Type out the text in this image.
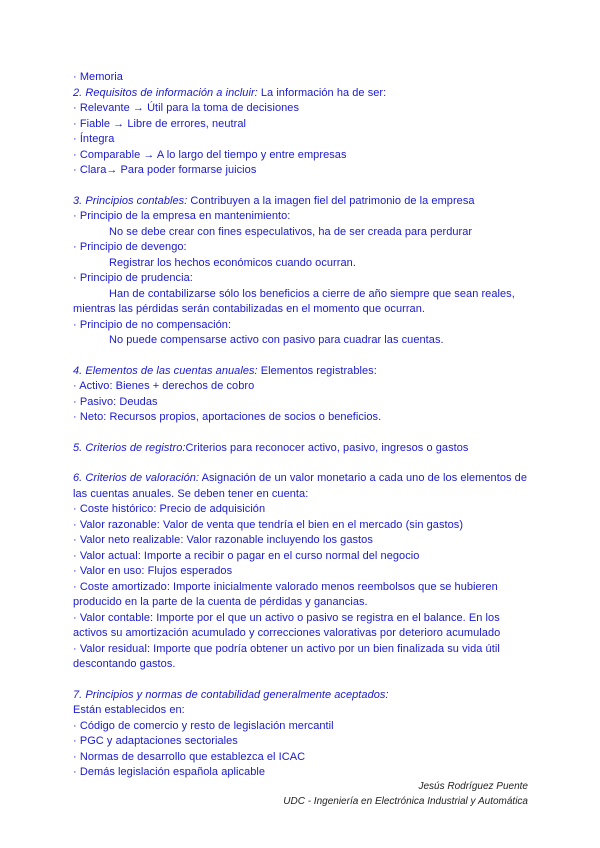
· Memoria
2. Requisitos de información a incluir: La información ha de ser:
· Relevante → Útil para la toma de decisiones
· Fiable → Libre de errores, neutral
· Íntegra
· Comparable → A lo largo del tiempo y entre empresas
· Clara→ Para poder formarse juicios
3. Principios contables: Contribuyen a la imagen fiel del patrimonio de la empresa
· Principio de la empresa en mantenimiento:
No se debe crear con fines especulativos, ha de ser creada para perdurar
· Principio de devengo:
Registrar los hechos económicos cuando ocurran.
· Principio de prudencia:
Han de contabilizarse sólo los beneficios a cierre de año siempre que sean reales,
mientras las pérdidas serán contabilizadas en el momento que ocurran.
· Principio de no compensación:
No puede compensarse activo con pasivo para cuadrar las cuentas.
4. Elementos de las cuentas anuales: Elementos registrables:
· Activo: Bienes + derechos de cobro
· Pasivo: Deudas
· Neto: Recursos propios, aportaciones de socios o beneficios.
5. Criterios de registro:Criterios para reconocer activo, pasivo, ingresos o gastos
6. Criterios de valoración: Asignación de un valor monetario a cada uno de los elementos de
las cuentas anuales. Se deben tener en cuenta:
· Coste histórico: Precio de adquisición
· Valor razonable: Valor de venta que tendría el bien en el mercado (sin gastos)
· Valor neto realizable: Valor razonable incluyendo los gastos
· Valor actual: Importe a recibir o pagar en el curso normal del negocio
· Valor en uso: Flujos esperados
· Coste amortizado: Importe inicialmente valorado menos reembolsos que se hubieren
producido en la parte de la cuenta de pérdidas y ganancias.
· Valor contable: Importe por el que un activo o pasivo se registra en el balance. En los
activos su amortización acumulado y correcciones valorativas por deterioro acumulado
· Valor residual: Importe que podría obtener un activo por un bien finalizada su vida útil
descontando gastos.
7. Principios y normas de contabilidad generalmente aceptados:
Están establecidos en:
· Código de comercio y resto de legislación mercantil
· PGC y adaptaciones sectoriales
· Normas de desarrollo que establezca el ICAC
· Demás legislación española aplicable
Jesús Rodríguez Puente
UDC - Ingeniería en Electrónica Industrial y Automática
